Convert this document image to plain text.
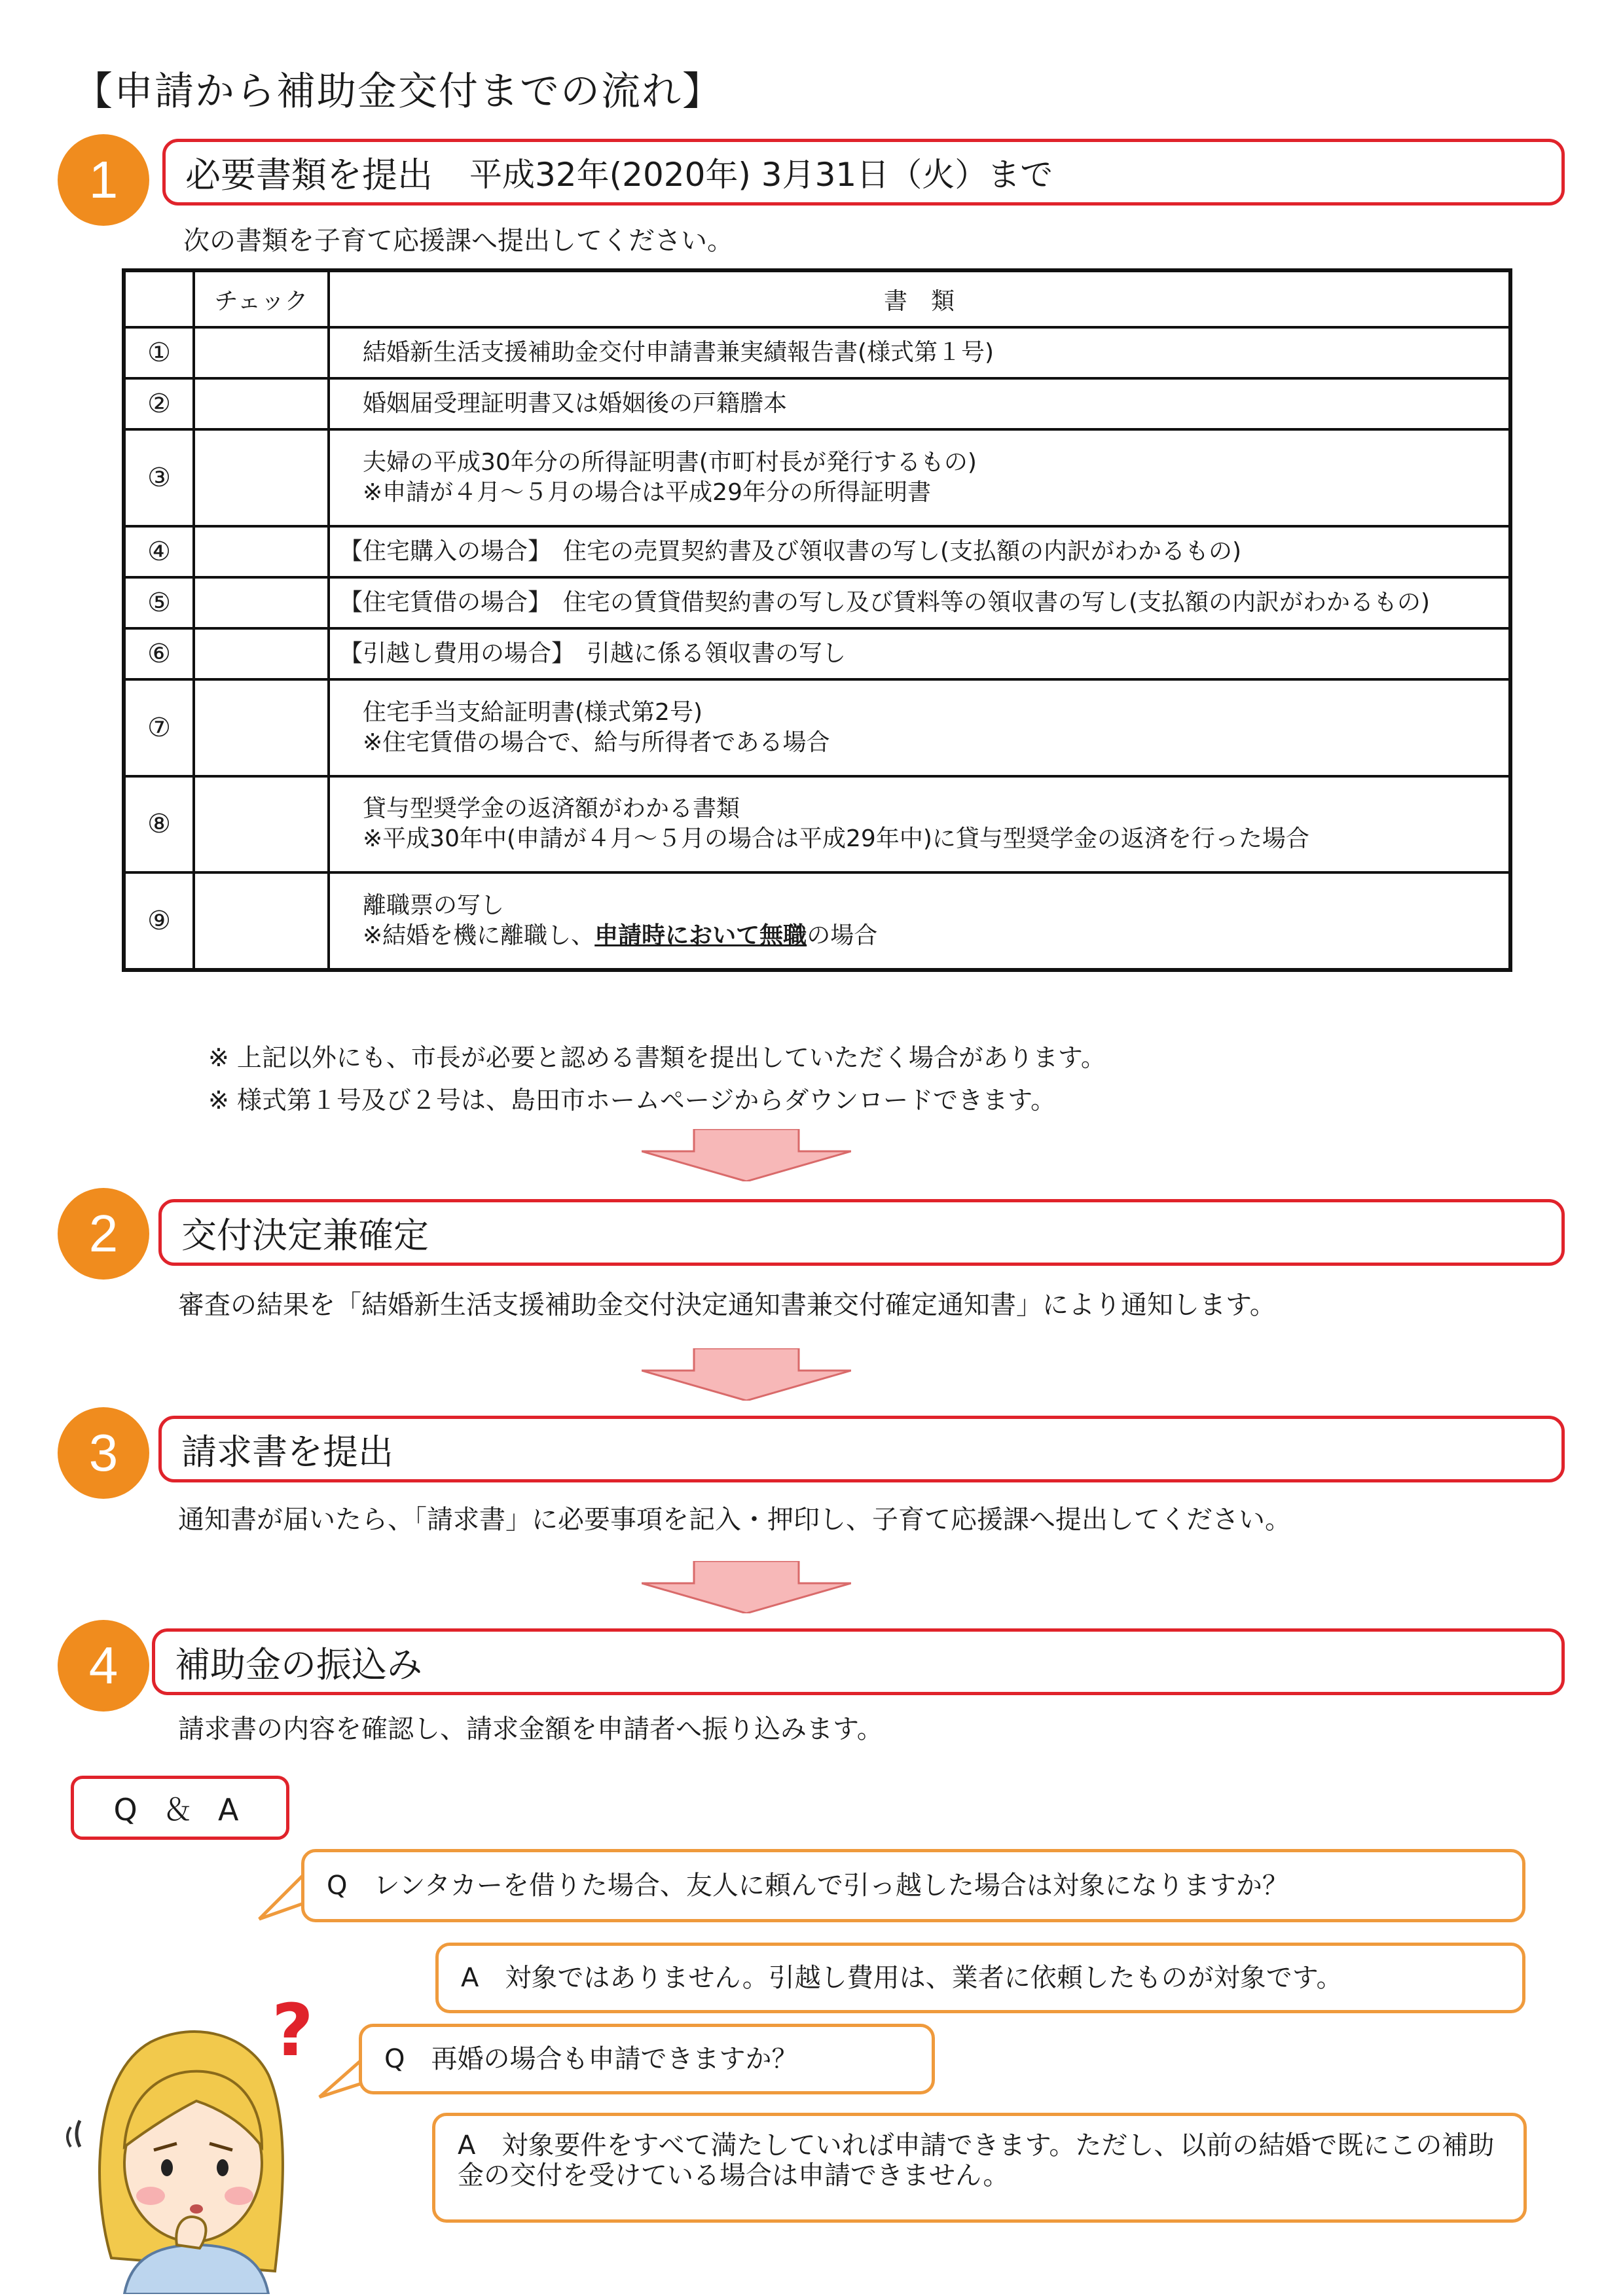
【申請から補助金交付までの流れ】
1	必要書類を提出 平成32年(2020年) 3月31日（火）まで
次の書類を子育て応援課へ提出してください。
	チェック	書　類
①		結婚新生活支援補助金交付申請書兼実績報告書(様式第１号)
②		婚姻届受理証明書又は婚姻後の戸籍謄本
③		夫婦の平成30年分の所得証明書(市町村長が発行するもの)
※申請が４月～５月の場合は平成29年分の所得証明書

④		【住宅購入の場合】　住宅の売買契約書及び領収書の写し(支払額の内訳がわかるもの)
⑤		【住宅賃借の場合】　住宅の賃貸借契約書の写し及び賃料等の領収書の写し(支払額の内訳がわかるもの)
⑥		【引越し費用の場合】　引越に係る領収書の写し
⑦		住宅手当支給証明書(様式第2号)
※住宅賃借の場合で、給与所得者である場合

⑧		貸与型奨学金の返済額がわかる書類
※平成30年中(申請が４月～５月の場合は平成29年中)に貸与型奨学金の返済を行った場合

⑨		離職票の写し
※結婚を機に離職し、申請時において無職の場合
※ 上記以外にも、市長が必要と認める書類を提出していただく場合があります。
※ 様式第１号及び２号は、島田市ホームページからダウンロードできます。
2	交付決定兼確定
審査の結果を「結婚新生活支援補助金交付決定通知書兼交付確定通知書」により通知します。
3	請求書を提出
通知書が届いたら、「請求書」に必要事項を記入・押印し、子育て応援課へ提出してください。
4	補助金の振込み
請求書の内容を確認し、請求金額を申請者へ振り込みます。
Q ＆ A
Q　レンタカーを借りた場合、友人に頼んで引っ越した場合は対象になりますか？
A　対象ではありません。引越し費用は、業者に依頼したものが対象です。
Q　再婚の場合も申請できますか？
A　対象要件をすべて満たしていれば申請できます。ただし、以前の結婚で既にこの補助金の交付を受けている場合は申請できません。
?
